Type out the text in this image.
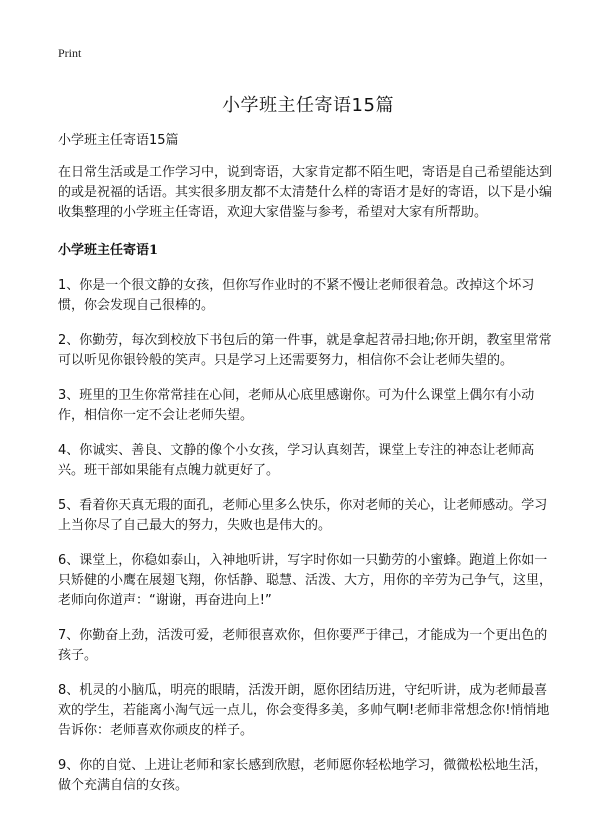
Print
小学班主任寄语15篇
小学班主任寄语15篇

在日常生活或是工作学习中，说到寄语，大家肯定都不陌生吧，寄语是自己希望能达到的或是祝福的话语。其实很多朋友都不太清楚什么样的寄语才是好的寄语，以下是小编收集整理的小学班主任寄语，欢迎大家借鉴与参考，希望对大家有所帮助。

小学班主任寄语1

1、你是一个很文静的女孩，但你写作业时的不紧不慢让老师很着急。改掉这个坏习惯，你会发现自己很棒的。

2、你勤劳，每次到校放下书包后的第一件事，就是拿起苕帚扫地;你开朗，教室里常常可以听见你银铃般的笑声。只是学习上还需要努力，相信你不会让老师失望的。

3、班里的卫生你常常挂在心间，老师从心底里感谢你。可为什么课堂上偶尔有小动作，相信你一定不会让老师失望。

4、你诚实、善良、文静的像个小女孩，学习认真刻苦，课堂上专注的神态让老师高兴。班干部如果能有点魄力就更好了。

5、看着你天真无瑕的面孔，老师心里多么快乐，你对老师的关心，让老师感动。学习上当你尽了自己最大的努力，失败也是伟大的。

6、课堂上，你稳如泰山，入神地听讲，写字时你如一只勤劳的小蜜蜂。跑道上你如一只矫健的小鹰在展翅飞翔，你恬静、聪慧、活泼、大方，用你的辛劳为己争气，这里，老师向你道声：“谢谢，再奋进向上!”

7、你勤奋上劲，活泼可爱，老师很喜欢你，但你要严于律己，才能成为一个更出色的孩子。

8、机灵的小脑瓜，明亮的眼睛，活泼开朗，愿你团结历进，守纪听讲，成为老师最喜欢的学生，若能离小淘气远一点儿，你会变得多美，多帅气啊!老师非常想念你!悄悄地告诉你：老师喜欢你顽皮的样子。

9、你的自觉、上进让老师和家长感到欣慰，老师愿你轻松地学习，微微松松地生活，做个充满自信的女孩。
